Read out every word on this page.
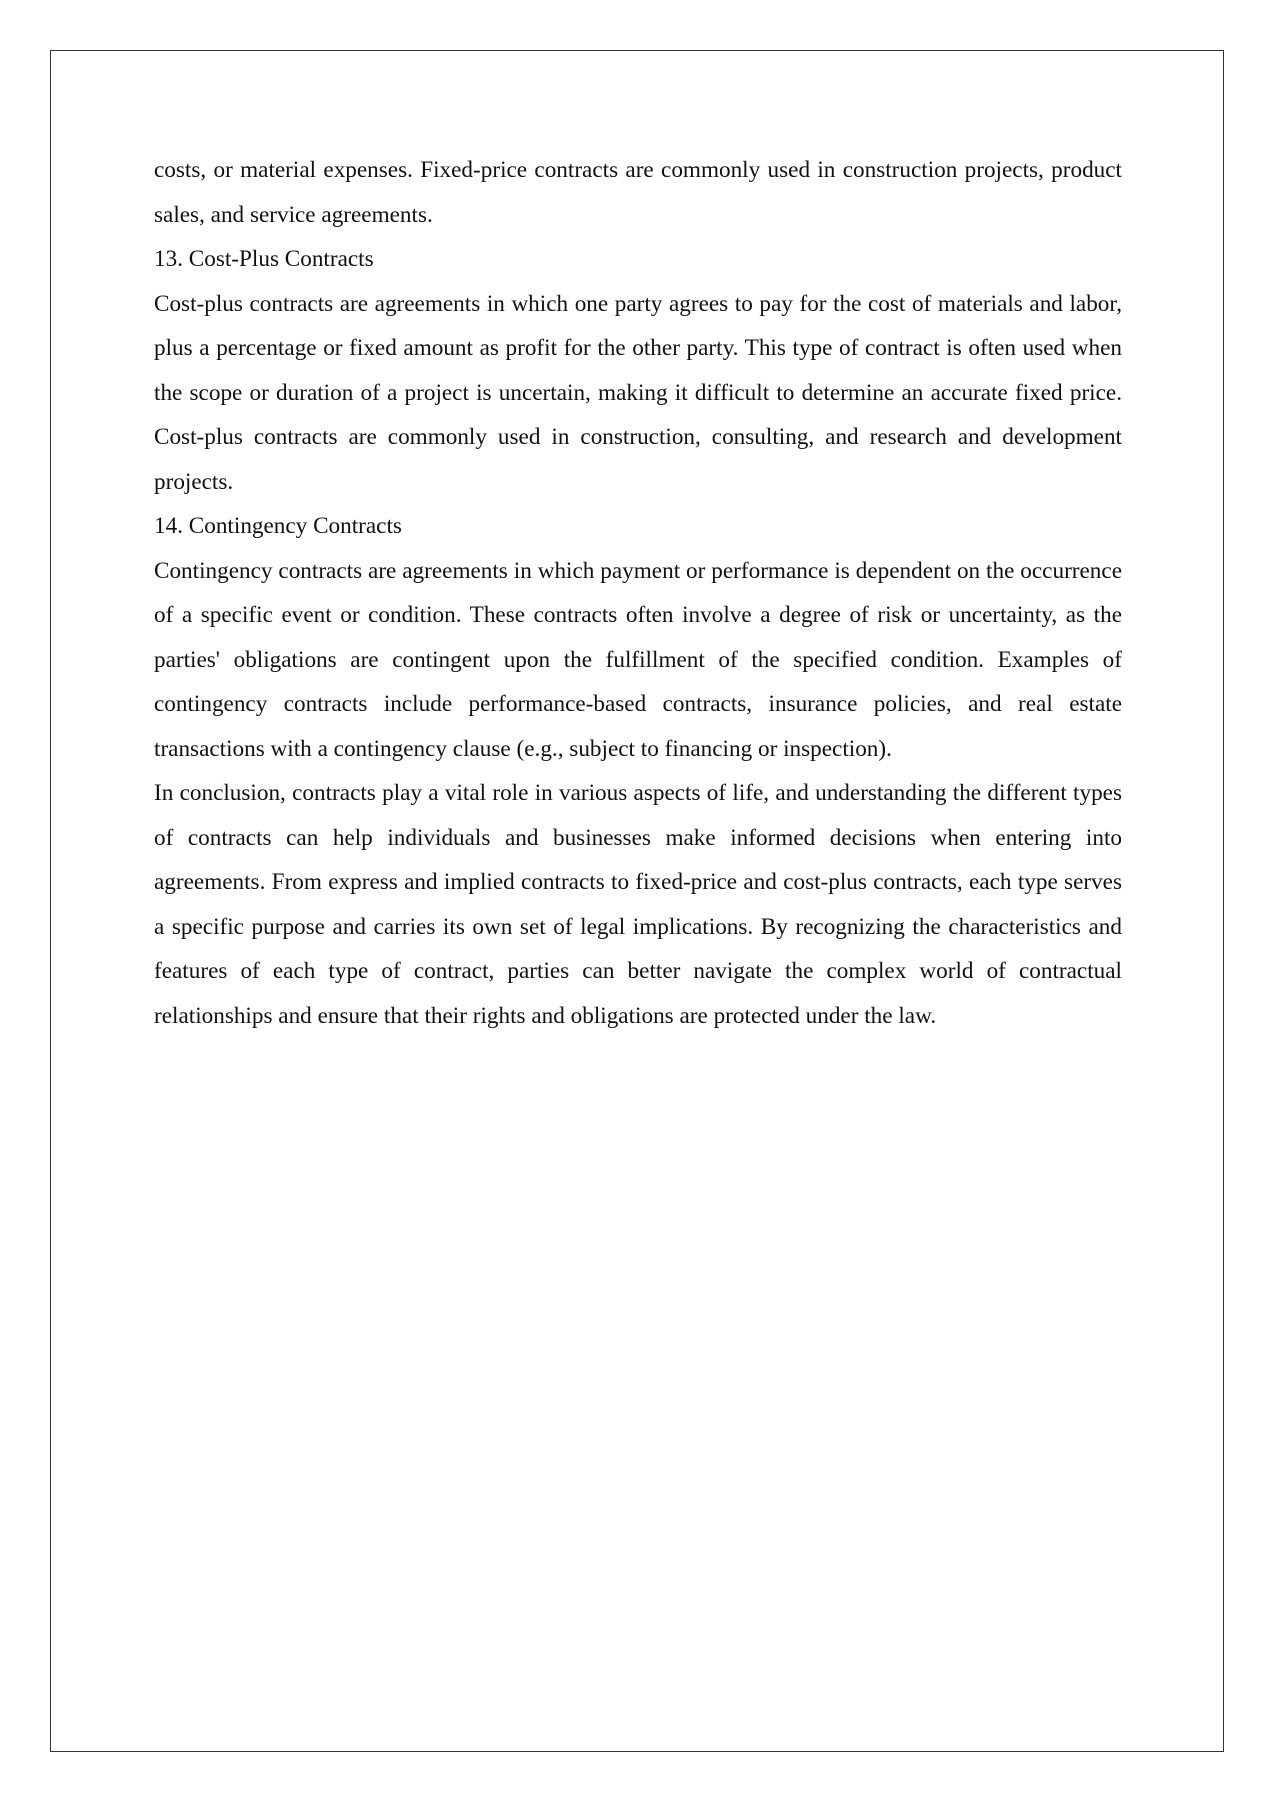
costs, or material expenses. Fixed-price contracts are commonly used in construction projects, product sales, and service agreements.

13. Cost-Plus Contracts

Cost-plus contracts are agreements in which one party agrees to pay for the cost of materials and labor, plus a percentage or fixed amount as profit for the other party. This type of contract is often used when the scope or duration of a project is uncertain, making it difficult to determine an accurate fixed price. Cost-plus contracts are commonly used in construction, consulting, and research and development projects.

14. Contingency Contracts

Contingency contracts are agreements in which payment or performance is dependent on the occurrence of a specific event or condition. These contracts often involve a degree of risk or uncertainty, as the parties' obligations are contingent upon the fulfillment of the specified condition. Examples of contingency contracts include performance-based contracts, insurance policies, and real estate transactions with a contingency clause (e.g., subject to financing or inspection).

In conclusion, contracts play a vital role in various aspects of life, and understanding the different types of contracts can help individuals and businesses make informed decisions when entering into agreements. From express and implied contracts to fixed-price and cost-plus contracts, each type serves a specific purpose and carries its own set of legal implications. By recognizing the characteristics and features of each type of contract, parties can better navigate the complex world of contractual relationships and ensure that their rights and obligations are protected under the law.
